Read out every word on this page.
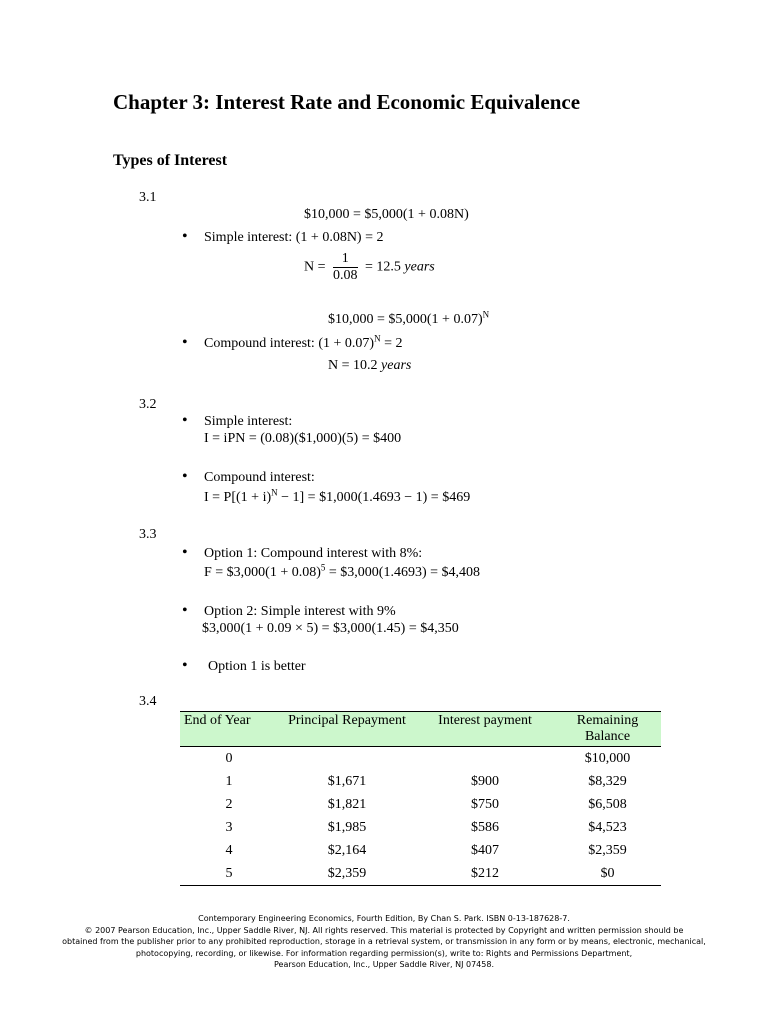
Chapter 3: Interest Rate and Economic Equivalence
Types of Interest
3.1
$10,000 = $5,000(1 + 0.08N)
• Simple interest: (1 + 0.08N) = 2
$N = \frac{1}{0.08} = 12.5$ years
$10,000 = $5,000(1 + 0.07)$^N$
• Compound interest: $(1 + 0.07)^N = 2$
N = 10.2 years
3.2
• Simple interest:
I = iPN = (0.08)($1,000)(5) = $400
• Compound interest:
$I = P[(1 + i)^N - 1]$ = $1,000(1.4693 − 1) = $469
3.3
• Option 1: Compound interest with 8%:
F = $3,000(1 + 0.08)$^5$ = $3,000(1.4693) = $4,408
• Option 2: Simple interest with 9%
$3,000(1 + 0.09 × 5) = $3,000(1.45) = $4,350
• Option 1 is better
3.4
End of Year	Principal Repayment	Interest payment	Remaining Balance
0			$10,000
1	$1,671	$900	$8,329
2	$1,821	$750	$6,508
3	$1,985	$586	$4,523
4	$2,164	$407	$2,359
5	$2,359	$212	$0
Contemporary Engineering Economics, Fourth Edition, By Chan S. Park. ISBN 0-13-187628-7.
© 2007 Pearson Education, Inc., Upper Saddle River, NJ. All rights reserved. This material is protected by Copyright and written permission should be
obtained from the publisher prior to any prohibited reproduction, storage in a retrieval system, or transmission in any form or by means, electronic, mechanical,
photocopying, recording, or likewise. For information regarding permission(s), write to: Rights and Permissions Department,
Pearson Education, Inc., Upper Saddle River, NJ 07458.
